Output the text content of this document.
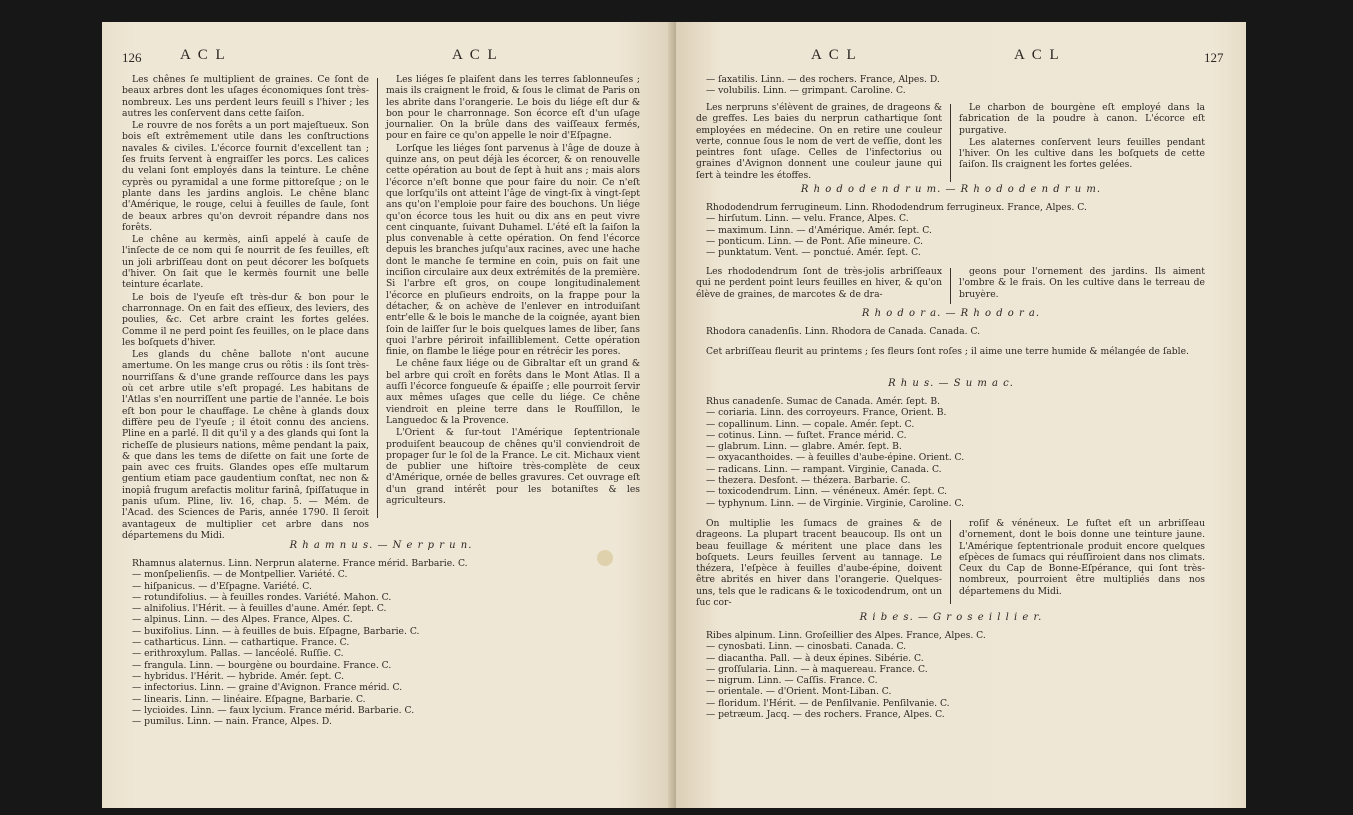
126	A C L	A C L

Les chênes ſe multiplient de graines. Ce ſont de beaux arbres dont les uſages économiques ſont très-nombreux. Les uns perdent leurs feuill s l'hiver ; les autres les conſervent dans cette ſaiſon.

Le rouvre de nos forêts a un port majeſtueux. Son bois eſt extrêmement utile dans les conſtructions navales & civiles. L'écorce fournit d'excellent tan ; ſes fruits ſervent à engraiſſer les porcs. Les calices du velani ſont employés dans la teinture. Le chêne cyprès ou pyramidal a une forme pittoreſque ; on le plante dans les jardins anglois. Le chêne blanc d'Amérique, le rouge, celui à feuilles de ſaule, ſont de beaux arbres qu'on devroit répandre dans nos forêts.

Le chêne au kermès, ainſi appelé à cauſe de l'inſecte de ce nom qui ſe nourrit de ſes feuilles, eſt un joli arbriſſeau dont on peut décorer les boſquets d'hiver. On ſait que le kermès fournit une belle teinture écarlate.

Le bois de l'yeuſe eſt très-dur & bon pour le charronnage. On en fait des eſſieux, des leviers, des poulies, &c. Cet arbre craint les fortes gelées. Comme il ne perd point ſes feuilles, on le place dans les boſquets d'hiver.

Les glands du chêne ballote n'ont aucune amertume. On les mange crus ou rôtis : ils ſont très-nourriſſans & d'une grande reſſource dans les pays où cet arbre utile s'eſt propagé. Les habitans de l'Atlas s'en nourriſſent une partie de l'année. Le bois eſt bon pour le chauffage. Le chêne à glands doux diffère peu de l'yeuſe ; il étoit connu des anciens. Pline en a parlé. Il dit qu'il y a des glands qui ſont la richeſſe de plusieurs nations, même pendant la paix, & que dans les tems de diſette on fait une ſorte de pain avec ces fruits. Glandes opes eſſe multarum gentium etiam pace gaudentium conſtat, nec non & inopiâ frugum arefactis molitur farinâ, ſpiſſatuque in panis uſum. Pline, liv. 16, chap. 5. — Mém. de l'Acad. des Sciences de Paris, année 1790. Il ſeroit avantageux de multiplier cet arbre dans nos départemens du Midi.

Les liéges ſe plaiſent dans les terres ſablonneuſes ; mais ils craignent le froid, & ſous le climat de Paris on les abrite dans l'orangerie. Le bois du liége eſt dur & bon pour le charronnage. Son écorce eſt d'un uſage journalier. On la brûle dans des vaiſſeaux fermés, pour en faire ce qu'on appelle le noir d'Eſpagne.

Lorſque les liéges ſont parvenus à l'âge de douze à quinze ans, on peut déjà les écorcer, & on renouvelle cette opération au bout de ſept à huit ans ; mais alors l'écorce n'eſt bonne que pour faire du noir. Ce n'eſt que lorſqu'ils ont atteint l'âge de vingt-ſix à vingt-ſept ans qu'on l'emploie pour faire des bouchons. Un liége qu'on écorce tous les huit ou dix ans en peut vivre cent cinquante, ſuivant Duhamel. L'été eſt la ſaiſon la plus convenable à cette opération. On fend l'écorce depuis les branches juſqu'aux racines, avec une hache dont le manche ſe termine en coin, puis on fait une inciſion circulaire aux deux extrémités de la première. Si l'arbre eſt gros, on coupe longitudinalement l'écorce en pluſieurs endroits, on la frappe pour la détacher, & on achève de l'enlever en introduiſant entr'elle & le bois le manche de la coignée, ayant bien ſoin de laiſſer ſur le bois quelques lames de liber, ſans quoi l'arbre périroit infailliblement. Cette opération finie, on flambe le liége pour en rétrécir les pores.

Le chêne faux liége ou de Gibraltar eſt un grand & bel arbre qui croît en forêts dans le Mont Atlas. Il a auſſi l'écorce fongueuſe & épaiſſe ; elle pourroit ſervir aux mêmes uſages que celle du liége. Ce chêne viendroit en pleine terre dans le Rouſſillon, le Languedoc & la Provence.

L'Orient & ſur-tout l'Amérique ſeptentrionale produiſent beaucoup de chênes qu'il conviendroit de propager ſur le ſol de la France. Le cit. Michaux vient de publier une hiſtoire très-complète de ceux d'Amérique, ornée de belles gravures. Cet ouvrage eſt d'un grand intérêt pour les botaniſtes & les agriculteurs.

R h a m n u s. — N e r p r u n.
Rhamnus alaternus. Linn. Nerprun alaterne. France mérid. Barbarie. C.
— monſpelienſis. — de Montpellier. Variété. C.
— hiſpanicus. — d'Eſpagne. Variété. C.
— rotundifolius. — à feuilles rondes. Variété. Mahon. C.
— alnifolius. l'Hérit. — à feuilles d'aune. Amér. ſept. C.
— alpinus. Linn. — des Alpes. France, Alpes. C.
— buxifolius. Linn. — à feuilles de buis. Eſpagne, Barbarie. C.
— catharticus. Linn. — cathartique. France. C.
— erithroxylum. Pallas. — lancéolé. Ruſſie. C.
— frangula. Linn. — bourgène ou bourdaine. France. C.
— hybridus. l'Hérit. — hybride. Amér. ſept. C.
— infectorius. Linn. — graine d'Avignon. France mérid. C.
— linearis. Linn. — linéaire. Eſpagne, Barbarie. C.
— lycioides. Linn. — faux lycium. France mérid. Barbarie. C.
— pumilus. Linn. — nain. France, Alpes. D.
A C L	A C L	127
— ſaxatilis. Linn. — des rochers. France, Alpes. D.
— volubilis. Linn. — grimpant. Caroline. C.

Les nerpruns s'élèvent de graines, de drageons & de greffes. Les baies du nerprun cathartique ſont employées en médecine. On en retire une couleur verte, connue ſous le nom de vert de veſſie, dont les peintres font uſage. Celles de l'infectorius ou graines d'Avignon donnent une couleur jaune qui ſert à teindre les étoffes.

Le charbon de bourgène eſt employé dans la fabrication de la poudre à canon. L'écorce eſt purgative.

Les alaternes conſervent leurs feuilles pendant l'hiver. On les cultive dans les boſquets de cette ſaiſon. Ils craignent les fortes gelées.

R h o d o d e n d r u m. — R h o d o d e n d r u m.
Rhododendrum ferrugineum. Linn. Rhododendrum ferrugineux. France, Alpes. C.
— hirſutum. Linn. — velu. France, Alpes. C.
— maximum. Linn. — d'Amérique. Amér. ſept. C.
— ponticum. Linn. — de Pont. Aſie mineure. C.
— punktatum. Vent. — ponctué. Amér. ſept. C.

Les rhododendrum ſont de très-jolis arbriſſeaux qui ne perdent point leurs feuilles en hiver, & qu'on élève de graines, de marcotes & de dra-

geons pour l'ornement des jardins. Ils aiment l'ombre & le frais. On les cultive dans le terreau de bruyère.

R h o d o r a. — R h o d o r a.
Rhodora canadenſis. Linn. Rhodora de Canada. Canada. C.

Cet arbriſſeau fleurit au printems ; ſes fleurs ſont roſes ; il aime une terre humide & mélangée de ſable.

R h u s. — S u m a c.
Rhus canadenſe. Sumac de Canada. Amér. ſept. B.
— coriaria. Linn. des corroyeurs. France, Orient. B.
— copallinum. Linn. — copale. Amér. ſept. C.
— cotinus. Linn. — fuſtet. France mérid. C.
— glabrum. Linn. — glabre. Amér. ſept. B.
— oxyacanthoides. — à feuilles d'aube-épine. Orient. C.
— radicans. Linn. — rampant. Virginie, Canada. C.
— thezera. Desfont. — thézera. Barbarie. C.
— toxicodendrum. Linn. — vénéneux. Amér. ſept. C.
— typhynum. Linn. — de Virginie. Virginie, Caroline. C.

On multiplie les ſumacs de graines & de drageons. La plupart tracent beaucoup. Ils ont un beau feuillage & méritent une place dans les boſquets. Leurs feuilles ſervent au tannage. Le thézera, l'eſpèce à feuilles d'aube-épine, doivent être abrités en hiver dans l'orangerie. Quelques-uns, tels que le radicans & le toxicodendrum, ont un ſuc cor-

roſif & vénéneux. Le fuſtet eſt un arbriſſeau d'ornement, dont le bois donne une teinture jaune. L'Amérique ſeptentrionale produit encore quelques eſpèces de ſumacs qui réuſſiroient dans nos climats. Ceux du Cap de Bonne-Eſpérance, qui ſont très-nombreux, pourroient être multipliés dans nos départemens du Midi.

R i b e s. — G r o s e i l l i e r.
Ribes alpinum. Linn. Groſeillier des Alpes. France, Alpes. C.
— cynosbati. Linn. — cinosbati. Canada. C.
— diacantha. Pall. — à deux épines. Sibérie. C.
— groſſularia. Linn. — à maquereau. France. C.
— nigrum. Linn. — Caſſis. France. C.
— orientale. — d'Orient. Mont-Liban. C.
— floridum. l'Hérit. — de Penſilvanie. Penſilvanie. C.
— petræum. Jacq. — des rochers. France, Alpes. C.
